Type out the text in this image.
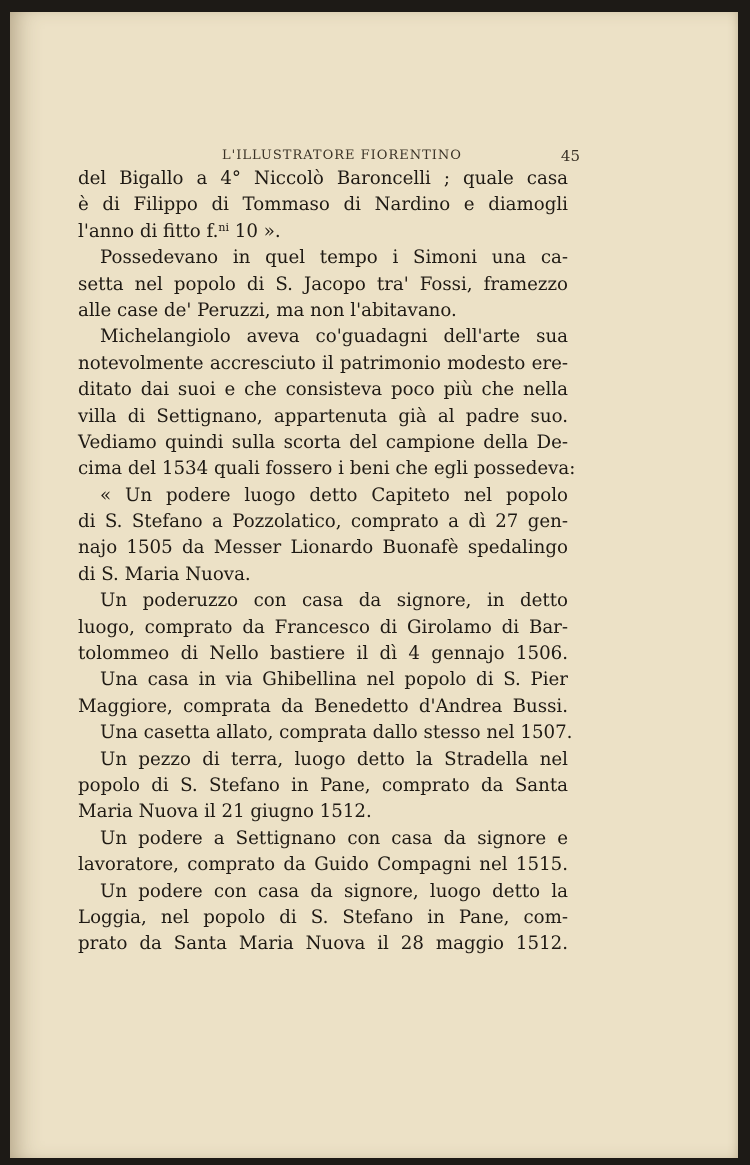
L'ILLUSTRATORE FIORENTINO	45
del Bigallo a 4° Niccolò Baroncelli ; quale casa
è di Filippo di Tommaso di Nardino e diamogli
l'anno di fitto f.$^{ni}$ 10 ».
Possedevano in quel tempo i Simoni una ca-
setta nel popolo di S. Jacopo tra' Fossi, framezzo
alle case de' Peruzzi, ma non l'abitavano.
Michelangiolo aveva co'guadagni dell'arte sua
notevolmente accresciuto il patrimonio modesto ere-
ditato dai suoi e che consisteva poco più che nella
villa di Settignano, appartenuta già al padre suo.
Vediamo quindi sulla scorta del campione della De-
cima del 1534 quali fossero i beni che egli possedeva:
« Un podere luogo detto Capiteto nel popolo
di S. Stefano a Pozzolatico, comprato a dì 27 gen-
najo 1505 da Messer Lionardo Buonafè spedalingo
di S. Maria Nuova.
Un poderuzzo con casa da signore, in detto
luogo, comprato da Francesco di Girolamo di Bar-
tolommeo di Nello bastiere il dì 4 gennajo 1506.
Una casa in via Ghibellina nel popolo di S. Pier
Maggiore, comprata da Benedetto d'Andrea Bussi.
Una casetta allato, comprata dallo stesso nel 1507.
Un pezzo di terra, luogo detto la Stradella nel
popolo di S. Stefano in Pane, comprato da Santa
Maria Nuova il 21 giugno 1512.
Un podere a Settignano con casa da signore e
lavoratore, comprato da Guido Compagni nel 1515.
Un podere con casa da signore, luogo detto la
Loggia, nel popolo di S. Stefano in Pane, com-
prato da Santa Maria Nuova il 28 maggio 1512.
